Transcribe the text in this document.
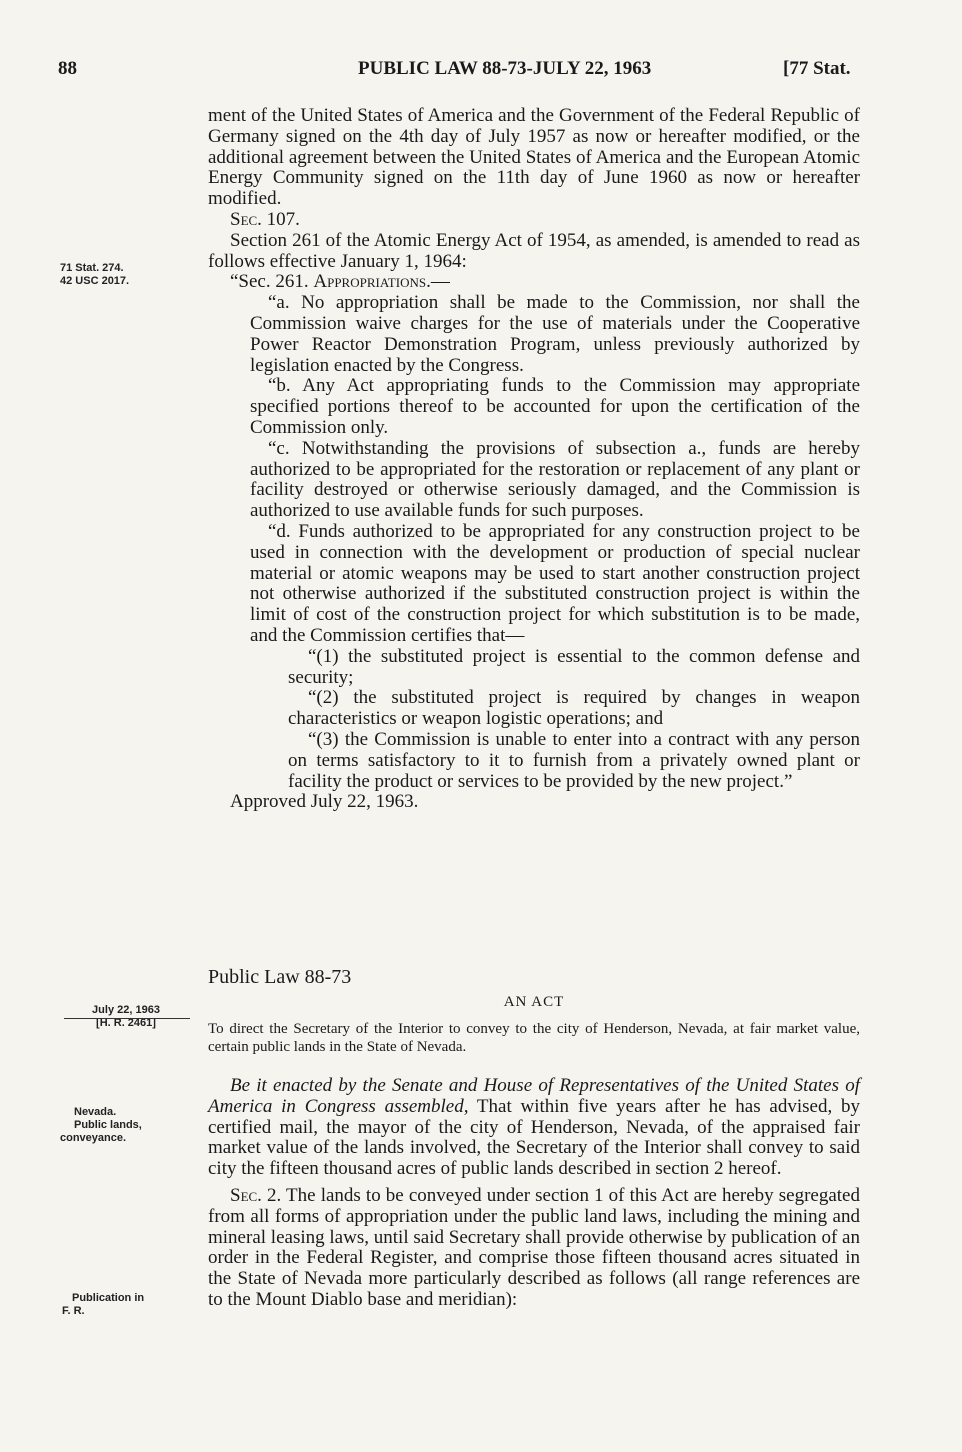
88	PUBLIC LAW 88-73-JULY 22, 1963	[77 Stat.

ment of the United States of America and the Government of the Federal Republic of Germany signed on the 4th day of July 1957 as now or hereafter modified, or the additional agreement between the United States of America and the European Atomic Energy Community signed on the 11th day of June 1960 as now or hereafter modified.

Sec. 107.

Section 261 of the Atomic Energy Act of 1954, as amended, is amended to read as follows effective January 1, 1964:

“Sec. 261. Appropriations.—

“a. No appropriation shall be made to the Commission, nor shall the Commission waive charges for the use of materials under the Cooperative Power Reactor Demonstration Program, unless previously authorized by legislation enacted by the Congress.

“b. Any Act appropriating funds to the Commission may appropriate specified portions thereof to be accounted for upon the certification of the Commission only.

“c. Notwithstanding the provisions of subsection a., funds are hereby authorized to be appropriated for the restoration or replacement of any plant or facility destroyed or otherwise seriously damaged, and the Commission is authorized to use available funds for such purposes.

“d. Funds authorized to be appropriated for any construction project to be used in connection with the development or production of special nuclear material or atomic weapons may be used to start another construction project not otherwise authorized if the substituted construction project is within the limit of cost of the construction project for which substitution is to be made, and the Commission certifies that—

“(1) the substituted project is essential to the common defense and security;

“(2) the substituted project is required by changes in weapon characteristics or weapon logistic operations; and

“(3) the Commission is unable to enter into a contract with any person on terms satisfactory to it to furnish from a privately owned plant or facility the product or services to be provided by the new project.”

Approved July 22, 1963.

71 Stat. 274.
42 USC 2017.
Public Law 88-73
AN ACT
July 22, 1963
[H. R. 2461]	To direct the Secretary of the Interior to convey to the city of Henderson, Nevada, at fair market value, certain public lands in the State of Nevada.

Be it enacted by the Senate and House of Representatives of the United States of America in Congress assembled, That within five years after he has advised, by certified mail, the mayor of the city of Henderson, Nevada, of the appraised fair market value of the lands involved, the Secretary of the Interior shall convey to said city the fifteen thousand acres of public lands described in section 2 hereof.

Sec. 2. The lands to be conveyed under section 1 of this Act are hereby segregated from all forms of appropriation under the public land laws, including the mining and mineral leasing laws, until said Secretary shall provide otherwise by publication of an order in the Federal Register, and comprise those fifteen thousand acres situated in the State of Nevada more particularly described as follows (all range references are to the Mount Diablo base and meridian):

Nevada.
Public lands,
conveyance.
Publication in
F. R.
